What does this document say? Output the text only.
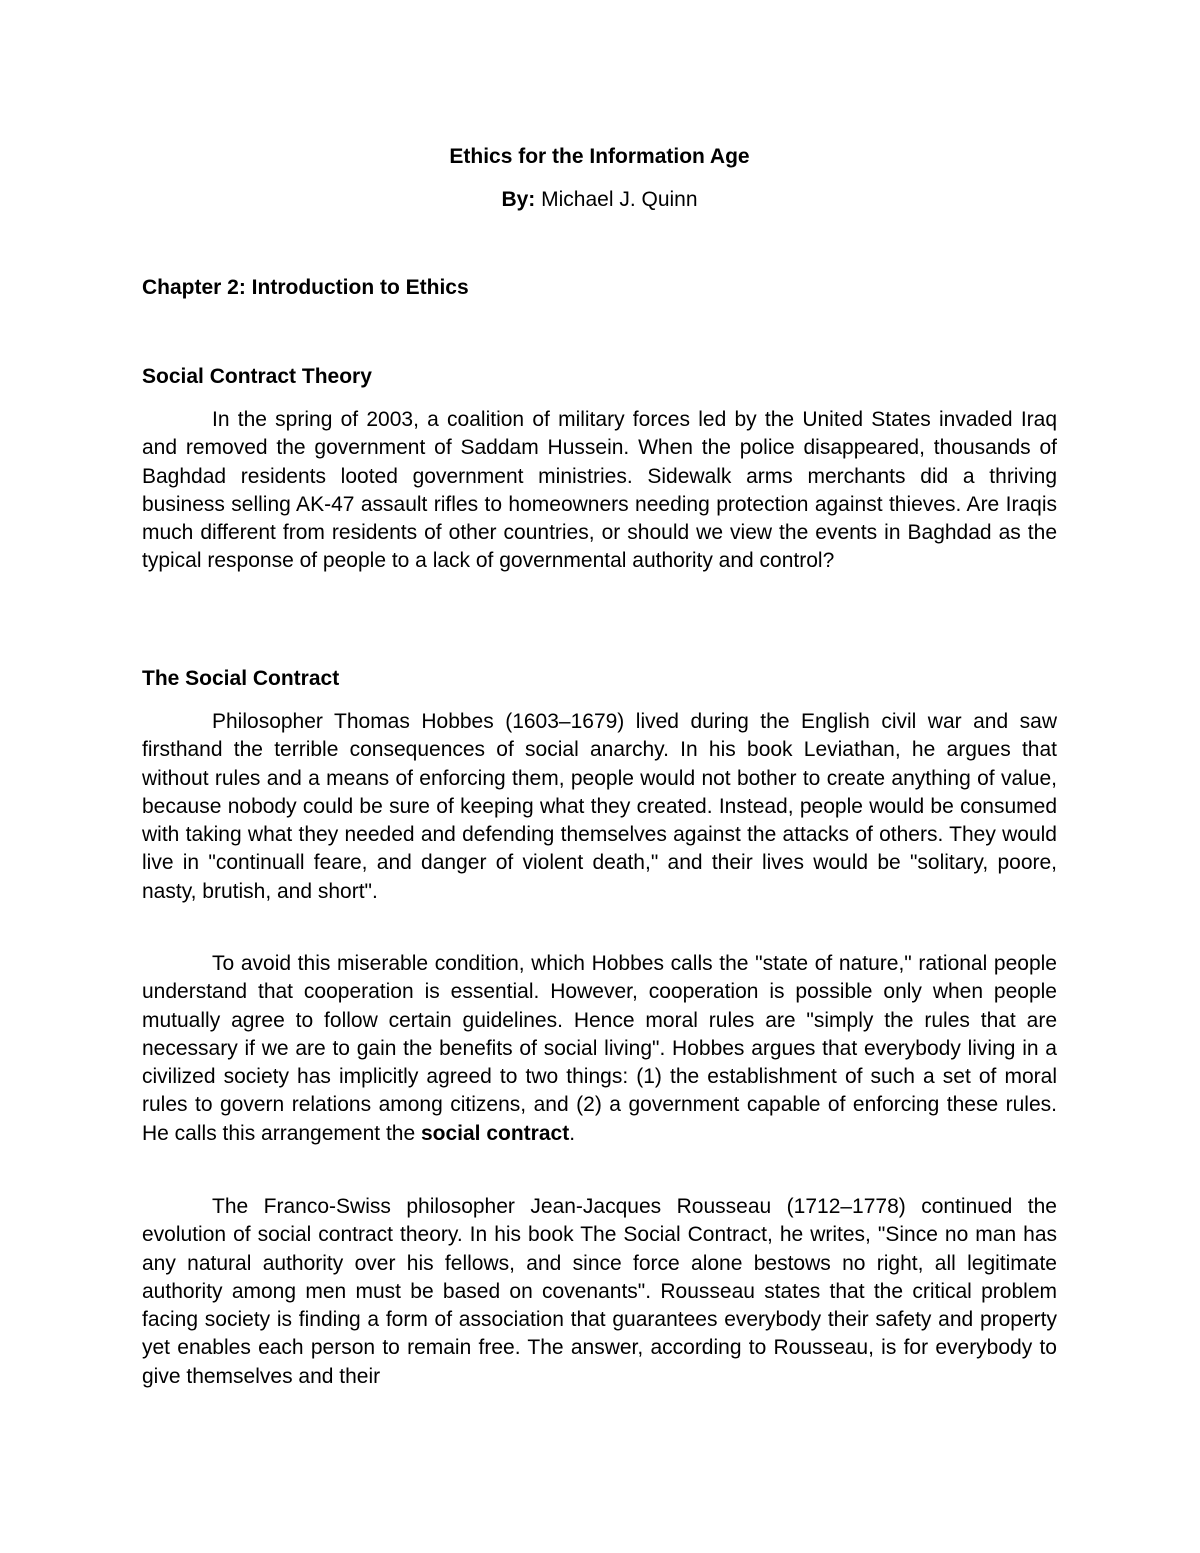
Ethics for the Information Age
By: Michael J. Quinn
Chapter 2: Introduction to Ethics
Social Contract Theory

In the spring of 2003, a coalition of military forces led by the United States invaded Iraq and removed the government of Saddam Hussein. When the police disappeared, thousands of Baghdad residents looted government ministries. Sidewalk arms merchants did a thriving business selling AK-47 assault rifles to homeowners needing protection against thieves. Are Iraqis much different from residents of other countries, or should we view the events in Baghdad as the typical response of people to a lack of governmental authority and control?

The Social Contract

Philosopher Thomas Hobbes (1603–1679) lived during the English civil war and saw firsthand the terrible consequences of social anarchy. In his book Leviathan, he argues that without rules and a means of enforcing them, people would not bother to create anything of value, because nobody could be sure of keeping what they created. Instead, people would be consumed with taking what they needed and defending themselves against the attacks of others. They would live in "continuall feare, and danger of violent death," and their lives would be "solitary, poore, nasty, brutish, and short".

To avoid this miserable condition, which Hobbes calls the "state of nature," rational people understand that cooperation is essential. However, cooperation is possible only when people mutually agree to follow certain guidelines. Hence moral rules are "simply the rules that are necessary if we are to gain the benefits of social living". Hobbes argues that everybody living in a civilized society has implicitly agreed to two things: (1) the establishment of such a set of moral rules to govern relations among citizens, and (2) a government capable of enforcing these rules. He calls this arrangement the social contract.

The Franco-Swiss philosopher Jean-Jacques Rousseau (1712–1778) continued the evolution of social contract theory. In his book The Social Contract, he writes, "Since no man has any natural authority over his fellows, and since force alone bestows no right, all legitimate authority among men must be based on covenants". Rousseau states that the critical problem facing society is finding a form of association that guarantees everybody their safety and property yet enables each person to remain free. The answer, according to Rousseau, is for everybody to give themselves and their
